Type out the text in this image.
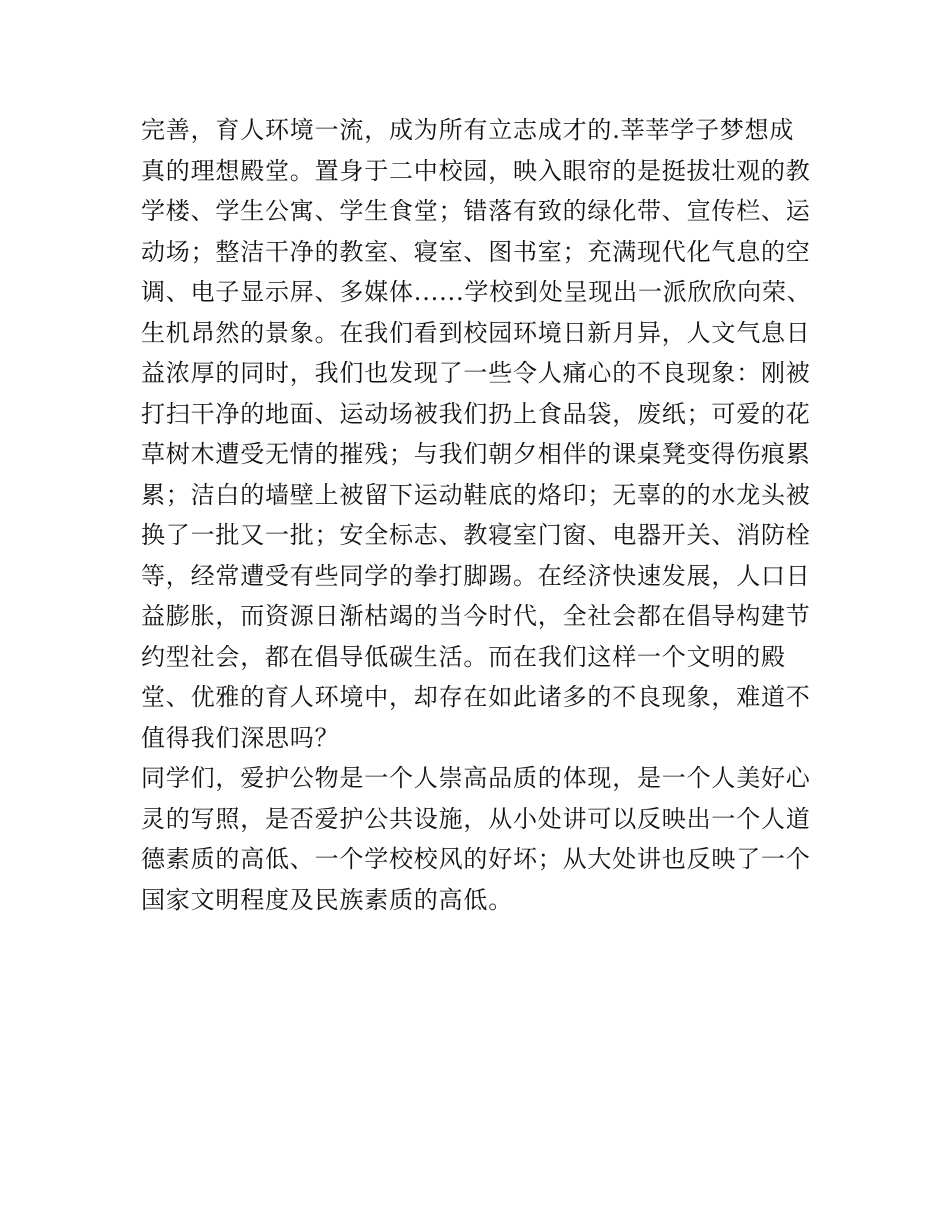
完善，育人环境一流，成为所有立志成才的.莘莘学子梦想成
真的理想殿堂。置身于二中校园，映入眼帘的是挺拔壮观的教
学楼、学生公寓、学生食堂；错落有致的绿化带、宣传栏、运
动场；整洁干净的教室、寝室、图书室；充满现代化气息的空
调、电子显示屏、多媒体......学校到处呈现出一派欣欣向荣、
生机昂然的景象。在我们看到校园环境日新月异，人文气息日
益浓厚的同时，我们也发现了一些令人痛心的不良现象：刚被
打扫干净的地面、运动场被我们扔上食品袋，废纸；可爱的花
草树木遭受无情的摧残；与我们朝夕相伴的课桌凳变得伤痕累
累；洁白的墙壁上被留下运动鞋底的烙印；无辜的的水龙头被
换了一批又一批；安全标志、教寝室门窗、电器开关、消防栓
等，经常遭受有些同学的拳打脚踢。在经济快速发展，人口日
益膨胀，而资源日渐枯竭的当今时代，全社会都在倡导构建节
约型社会，都在倡导低碳生活。而在我们这样一个文明的殿
堂、优雅的育人环境中，却存在如此诸多的不良现象，难道不
值得我们深思吗？
同学们，爱护公物是一个人崇高品质的体现，是一个人美好心
灵的写照，是否爱护公共设施，从小处讲可以反映出一个人道
德素质的高低、一个学校校风的好坏；从大处讲也反映了一个
国家文明程度及民族素质的高低。
